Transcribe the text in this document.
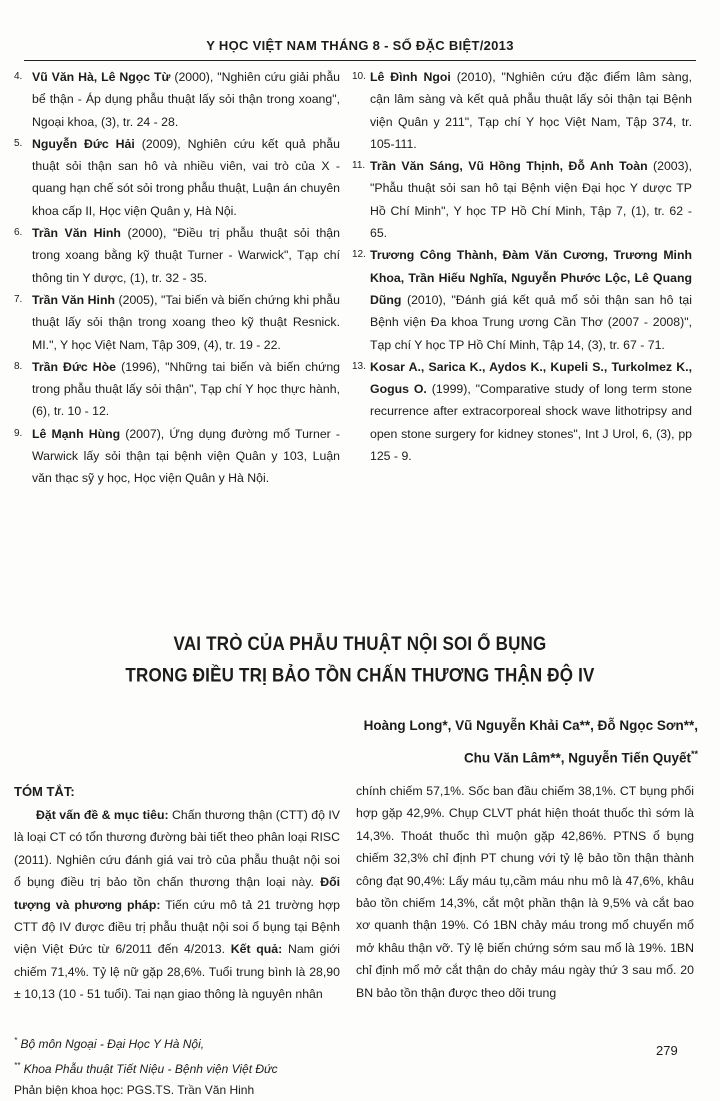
Y HỌC VIỆT NAM THÁNG 8 - SỐ ĐẶC BIỆT/2013
4. Vũ Văn Hà, Lê Ngọc Từ (2000), "Nghiên cứu giải phẫu bể thận - Áp dụng phẫu thuật lấy sỏi thận trong xoang", Ngoại khoa, (3), tr. 24 - 28.
5. Nguyễn Đức Hải (2009), Nghiên cứu kết quả phẫu thuật sỏi thận san hô và nhiều viên, vai trò của X - quang hạn chế sót sỏi trong phẫu thuật, Luận án chuyên khoa cấp II, Học viện Quân y, Hà Nội.
6. Trần Văn Hinh (2000), "Điều trị phẫu thuật sỏi thận trong xoang bằng kỹ thuật Turner - Warwick", Tạp chí thông tin Y dược, (1), tr. 32 - 35.
7. Trần Văn Hinh (2005), "Tai biến và biến chứng khi phẫu thuật lấy sỏi thận trong xoang theo kỹ thuật Resnick. MI.", Y học Việt Nam, Tập 309, (4), tr. 19 - 22.
8. Trần Đức Hòe (1996), "Những tai biến và biến chứng trong phẫu thuật lấy sỏi thận", Tạp chí Y học thực hành, (6), tr. 10 - 12.
9. Lê Mạnh Hùng (2007), Ứng dụng đường mổ Turner - Warwick lấy sỏi thận tại bệnh viện Quân y 103, Luận văn thạc sỹ y học, Học viện Quân y Hà Nội.
10. Lê Đình Ngoi (2010), "Nghiên cứu đặc điểm lâm sàng, cận lâm sàng và kết quả phẫu thuật lấy sỏi thận tại Bệnh viện Quân y 211", Tạp chí Y học Việt Nam, Tập 374, tr. 105-111.
11. Trần Văn Sáng, Vũ Hồng Thịnh, Đỗ Anh Toàn (2003), "Phẫu thuật sỏi san hô tại Bệnh viện Đại học Y dược TP Hồ Chí Minh", Y học TP Hồ Chí Minh, Tập 7, (1), tr. 62 - 65.
12. Trương Công Thành, Đàm Văn Cương, Trương Minh Khoa, Trần Hiếu Nghĩa, Nguyễn Phước Lộc, Lê Quang Dũng (2010), "Đánh giá kết quả mổ sỏi thận san hô tại Bệnh viện Đa khoa Trung ương Cần Thơ (2007 - 2008)", Tạp chí Y học TP Hồ Chí Minh, Tập 14, (3), tr. 67 - 71.
13. Kosar A., Sarica K., Aydos K., Kupeli S., Turkolmez K., Gogus O. (1999), "Comparative study of long term stone recurrence after extracorporeal shock wave lithotripsy and open stone surgery for kidney stones", Int J Urol, 6, (3), pp 125 - 9.
VAI TRÒ CỦA PHẪU THUẬT NỘI SOI Ổ BỤNG
TRONG ĐIỀU TRỊ BẢO TỒN CHẤN THƯƠNG THẬN ĐỘ IV
Hoàng Long*, Vũ Nguyễn Khải Ca**, Đỗ Ngọc Sơn**,
Chu Văn Lâm**, Nguyễn Tiến Quyết**
TÓM TẮT:
Đặt vấn đề & mục tiêu: Chấn thương thận (CTT) độ IV là loại CT có tổn thương đường bài tiết theo phân loại RISC (2011). Nghiên cứu đánh giá vai trò của phẫu thuật nội soi ổ bụng điều trị bảo tồn chấn thương thận loại này. Đối tượng và phương pháp: Tiến cứu mô tả 21 trường hợp CTT độ IV được điều trị phẫu thuật nội soi ổ bụng tại Bệnh viện Việt Đức từ 6/2011 đến 4/2013. Kết quả: Nam giới chiếm 71,4%. Tỷ lệ nữ gặp 28,6%. Tuổi trung bình là 28,90 ± 10,13 (10 - 51 tuổi). Tai nạn giao thông là nguyên nhân
chính chiếm 57,1%. Sốc ban đầu chiếm 38,1%. CT bụng phối hợp gặp 42,9%. Chụp CLVT phát hiện thoát thuốc thì sớm là 14,3%. Thoát thuốc thì muộn gặp 42,86%. PTNS ổ bụng chiếm 32,3% chỉ định PT chung với tỷ lệ bảo tồn thận thành công đạt 90,4%: Lấy máu tụ,cầm máu nhu mô là 47,6%, khâu bảo tồn chiếm 14,3%, cắt một phần thận là 9,5% và cắt bao xơ quanh thận 19%. Có 1BN chảy máu trong mổ chuyển mổ mở khâu thận vỡ. Tỷ lệ biến chứng sớm sau mổ là 19%. 1BN chỉ định mổ mở cắt thận do chảy máu ngày thứ 3 sau mổ. 20 BN bảo tồn thận được theo dõi trung
* Bộ môn Ngoại - Đại Học Y Hà Nội,
** Khoa Phẫu thuật Tiết Niệu - Bệnh viện Việt Đức
Phản biện khoa học: PGS.TS. Trần Văn Hinh
279
